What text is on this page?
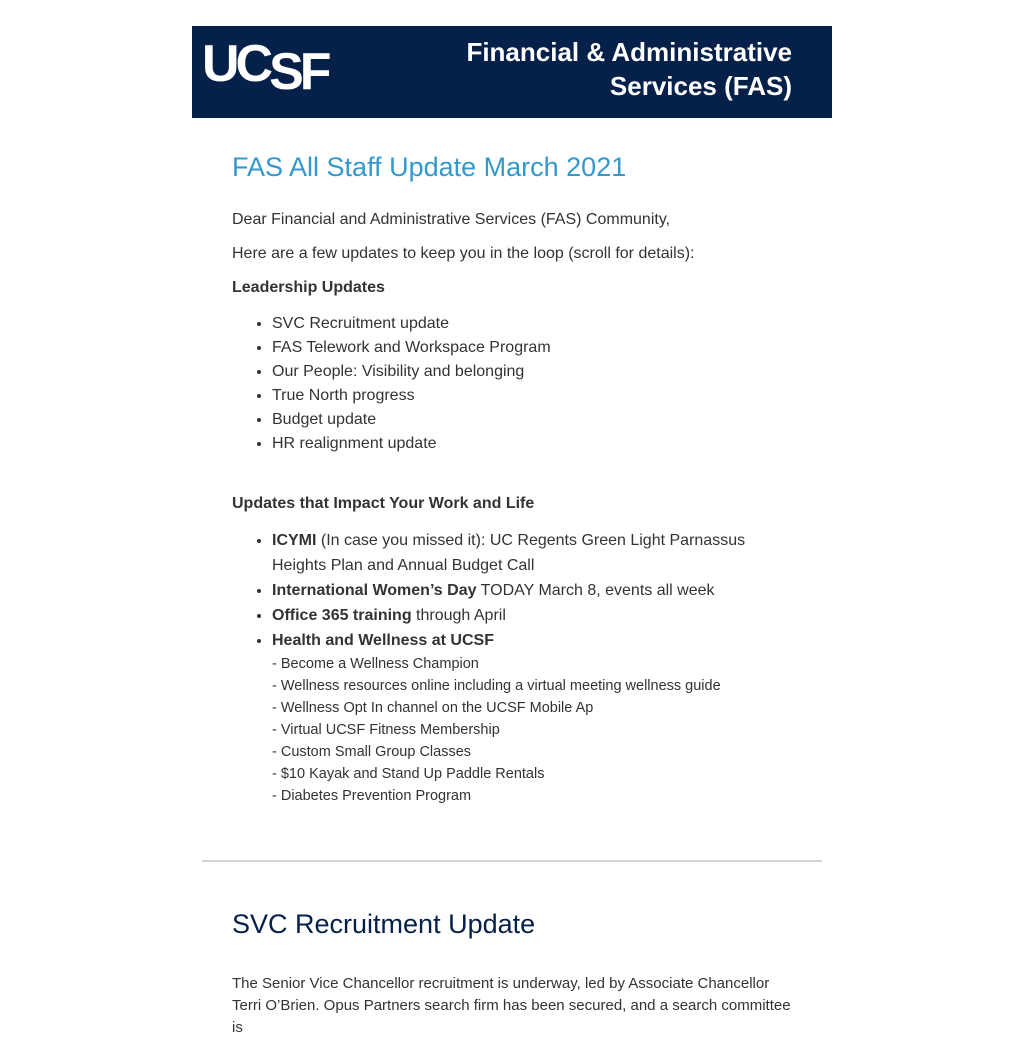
UCSF	Financial & Administrative
Services (FAS)
FAS All Staff Update March 2021

Dear Financial and Administrative Services (FAS) Community,

Here are a few updates to keep you in the loop (scroll for details):

Leadership Updates

• SVC Recruitment update
• FAS Telework and Workspace Program
• Our People: Visibility and belonging
• True North progress
• Budget update
• HR realignment update

Updates that Impact Your Work and Life

• ICYMI (In case you missed it): UC Regents Green Light Parnassus Heights Plan and Annual Budget Call
• International Women’s Day TODAY March 8, events all week
• Office 365 training through April
• Health and Wellness at UCSF
- Become a Wellness Champion
- Wellness resources online including a virtual meeting wellness guide
- Wellness Opt In channel on the UCSF Mobile Ap
- Virtual UCSF Fitness Membership
- Custom Small Group Classes
- $10 Kayak and Stand Up Paddle Rentals
- Diabetes Prevention Program
SVC Recruitment Update

The Senior Vice Chancellor recruitment is underway, led by Associate Chancellor Terri O’Brien. Opus Partners search firm has been secured, and a search committee is
